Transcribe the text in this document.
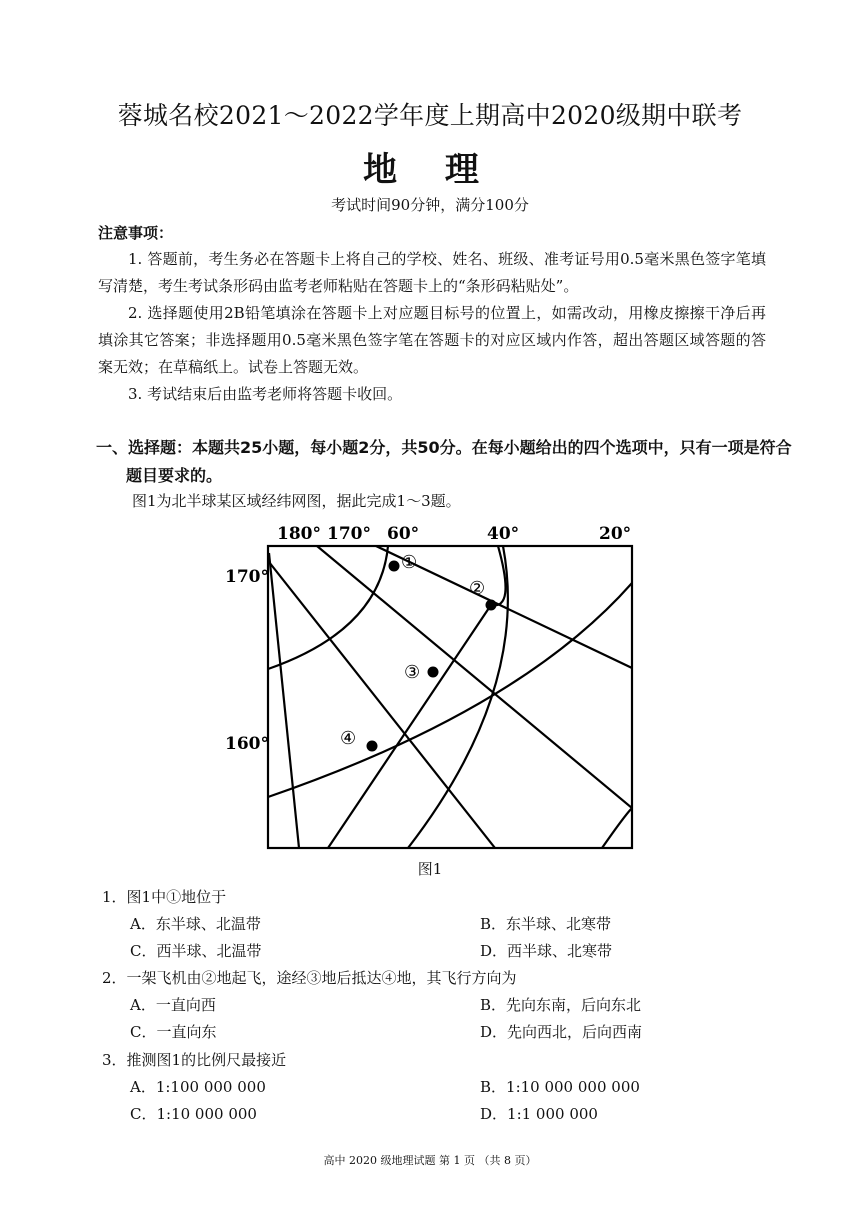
蓉城名校2021～2022学年度上期高中2020级期中联考
地 理
考试时间90分钟，满分100分
注意事项：

1. 答题前，考生务必在答题卡上将自己的学校、姓名、班级、准考证号用0.5毫米黑色签字笔填写清楚，考生考试条形码由监考老师粘贴在答题卡上的“条形码粘贴处”。

2. 选择题使用2B铅笔填涂在答题卡上对应题目标号的位置上，如需改动，用橡皮擦擦干净后再填涂其它答案；非选择题用0.5毫米黑色签字笔在答题卡的对应区域内作答，超出答题区域答题的答案无效；在草稿纸上。试卷上答题无效。

3. 考试结束后由监考老师将答题卡收回。

一、选择题：本题共25小题，每小题2分，共50分。在每小题给出的四个选项中，只有一项是符合题目要求的。
图1为北半球某区域经纬网图，据此完成1～3题。
180° 170° 60°	40°	20°
170°
160°
①
②
③
④
图1
1．图1中①地位于
A．东半球、北温带	B．东半球、北寒带
C．西半球、北温带	D．西半球、北寒带
2．一架飞机由②地起飞，途经③地后抵达④地，其飞行方向为
A．一直向西	B．先向东南，后向东北
C．一直向东	D．先向西北，后向西南
3．推测图1的比例尺最接近
A．1:100 000 000	B．1:10 000 000 000
C．1:10 000 000	D．1:1 000 000
高中 2020 级地理试题 第 1 页 （共 8 页）
